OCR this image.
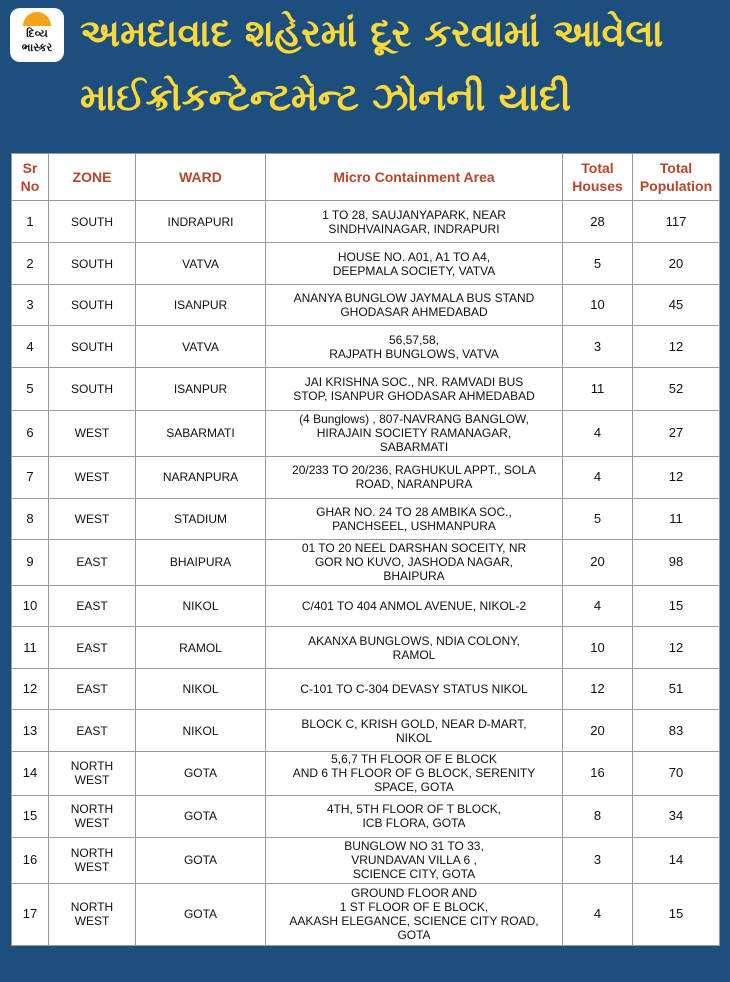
દિવ્ય
ભાસ્કર અમદાવાદ શહેરમાં દૂર કરવામાં આવેલા
માઈક્રોકન્ટેન્ટમેન્ટ ઝોનની યાદી
Sr
No	ZONE	WARD	Micro Containment Area	Total
Houses	Total
Population
1	SOUTH	INDRAPURI	1 TO 28, SAUJANYAPARK, NEAR
SINDHVAINAGAR, INDRAPURI	28	117
2	SOUTH	VATVA	HOUSE NO. A01, A1 TO A4,
DEEPMALA SOCIETY, VATVA	5	20
3	SOUTH	ISANPUR	ANANYA BUNGLOW JAYMALA BUS STAND
GHODASAR AHMEDABAD	10	45
4	SOUTH	VATVA	56,57,58,
RAJPATH BUNGLOWS, VATVA	3	12
5	SOUTH	ISANPUR	JAI KRISHNA SOC., NR. RAMVADI BUS
STOP, ISANPUR GHODASAR AHMEDABAD	11	52
6	WEST	SABARMATI	(4 Bunglows) , 807-NAVRANG BANGLOW,
HIRAJAIN SOCIETY RAMANAGAR,
SABARMATI	4	27
7	WEST	NARANPURA	20/233 TO 20/236, RAGHUKUL APPT., SOLA
ROAD, NARANPURA	4	12
8	WEST	STADIUM	GHAR NO. 24 TO 28 AMBIKA SOC.,
PANCHSEEL, USHMANPURA	5	11
9	EAST	BHAIPURA	01 TO 20 NEEL DARSHAN SOCEITY, NR
GOR NO KUVO, JASHODA NAGAR,
BHAIPURA	20	98
10	EAST	NIKOL	C/401 TO 404 ANMOL AVENUE, NIKOL-2	4	15
11	EAST	RAMOL	AKANXA BUNGLOWS, NDIA COLONY,
RAMOL	10	12
12	EAST	NIKOL	C-101 TO C-304 DEVASY STATUS NIKOL	12	51
13	EAST	NIKOL	BLOCK C, KRISH GOLD, NEAR D-MART,
NIKOL	20	83
14	NORTH
WEST	GOTA	5,6,7 TH FLOOR OF E BLOCK
AND 6 TH FLOOR OF G BLOCK, SERENITY
SPACE, GOTA	16	70
15	NORTH
WEST	GOTA	4TH, 5TH FLOOR OF T BLOCK,
ICB FLORA, GOTA	8	34
16	NORTH
WEST	GOTA	BUNGLOW NO 31 TO 33,
VRUNDAVAN VILLA 6 ,
SCIENCE CITY, GOTA	3	14
17	NORTH
WEST	GOTA	GROUND FLOOR AND
1 ST FLOOR OF E BLOCK,
AAKASH ELEGANCE, SCIENCE CITY ROAD,
GOTA	4	15
